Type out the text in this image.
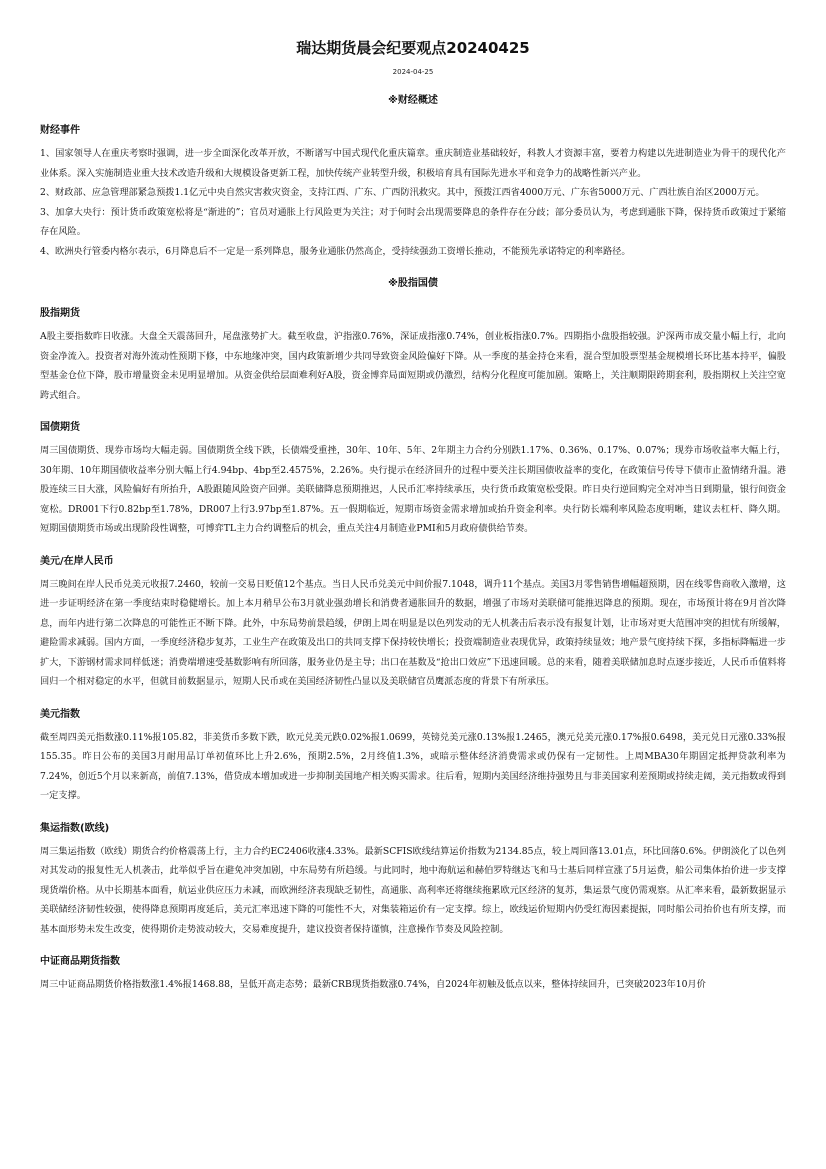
瑞达期货晨会纪要观点20240425
2024-04-25
※财经概述
财经事件

1、国家领导人在重庆考察时强调，进一步全面深化改革开放，不断谱写中国式现代化重庆篇章。重庆制造业基础较好，科教人才资源丰富，要着力构建以先进制造业为骨干的现代化产业体系。深入实施制造业重大技术改造升级和大规模设备更新工程，加快传统产业转型升级，积极培育具有国际先进水平和竞争力的战略性新兴产业。

2、财政部、应急管理部紧急预拨1.1亿元中央自然灾害救灾资金，支持江西、广东、广西防汛救灾。其中，预拨江西省4000万元、广东省5000万元、广西壮族自治区2000万元。

3、加拿大央行：预计货币政策宽松将是“渐进的”；官员对通胀上行风险更为关注；对于何时会出现需要降息的条件存在分歧；部分委员认为，考虑到通胀下降，保持货币政策过于紧缩存在风险。

4、欧洲央行管委内格尔表示，6月降息后不一定是一系列降息，服务业通胀仍然高企，受持续强劲工资增长推动，不能预先承诺特定的利率路径。

※股指国债
股指期货

A股主要指数昨日收涨。大盘全天震荡回升，尾盘涨势扩大。截至收盘，沪指涨0.76%，深证成指涨0.74%，创业板指涨0.7%。四期指小盘股指较强。沪深两市成交量小幅上行，北向资金净流入。投资者对海外流动性预期下修，中东地缘冲突，国内政策新增少共同导致资金风险偏好下降。从一季度的基金持仓来看，混合型加股票型基金规模增长环比基本持平，偏股型基金仓位下降，股市增量资金未见明显增加。从资金供给层面难利好A股，资金博弈局面短期或仍激烈，结构分化程度可能加剧。策略上，关注顺期限跨期套利，股指期权上关注空宽跨式组合。

国债期货

周三国债期货、现券市场均大幅走弱。国债期货全线下跌，长债端受重挫，30年、10年、5年、2年期主力合约分别跌1.17%、0.36%、0.17%、0.07%；现券市场收益率大幅上行，30年期、10年期国债收益率分别大幅上行4.94bp、4bp至2.4575%，2.26%。央行提示在经济回升的过程中要关注长期国债收益率的变化，在政策信号传导下债市止盈情绪升温。港股连续三日大涨，风险偏好有所抬升，A股跟随风险资产回弹。美联储降息预期推迟，人民币汇率持续承压，央行货币政策宽松受限。昨日央行逆回购完全对冲当日到期量，银行间资金宽松。DR001下行0.82bp至1.78%，DR007上行3.97bp至1.87%。五一假期临近，短期市场资金需求增加或抬升资金利率。央行防长端利率风险态度明晰，建议去杠杆、降久期。短期国债期货市场或出现阶段性调整，可博弈TL主力合约调整后的机会，重点关注4月制造业PMI和5月政府债供给节奏。

美元/在岸人民币

周三晚间在岸人民币兑美元收报7.2460，较前一交易日贬值12个基点。当日人民币兑美元中间价报7.1048，调升11个基点。美国3月零售销售增幅超预期，因在线零售商收入激增，这进一步证明经济在第一季度结束时稳健增长。加上本月稍早公布3月就业强劲增长和消费者通胀回升的数据，增强了市场对美联储可能推迟降息的预期。现在，市场预计将在9月首次降息，而年内进行第二次降息的可能性正不断下降。此外，中东局势前景趋缓，伊朗上周在明显是以色列发动的无人机袭击后表示没有报复计划，让市场对更大范围冲突的担忧有所缓解，避险需求减弱。国内方面，一季度经济稳步复苏，工业生产在政策及出口的共同支撑下保持较快增长；投资端制造业表现优异，政策持续显效；地产景气度持续下探，多指标降幅进一步扩大，下游钢材需求同样低迷；消费端增速受基数影响有所回落，服务业仍是主导；出口在基数及“抢出口效应”下迅速回暖。总的来看，随着美联储加息时点逐步接近，人民币币值料将回归一个相对稳定的水平，但就目前数据显示，短期人民币或在美国经济韧性凸显以及美联储官员鹰派态度的背景下有所承压。

美元指数

截至周四美元指数涨0.11%报105.82，非美货币多数下跌，欧元兑美元跌0.02%报1.0699，英镑兑美元涨0.13%报1.2465，澳元兑美元涨0.17%报0.6498，美元兑日元涨0.33%报155.35。昨日公布的美国3月耐用品订单初值环比上升2.6%，预期2.5%，2月终值1.3%，或暗示整体经济消费需求或仍保有一定韧性。上周MBA30年期固定抵押贷款利率为7.24%，创近5个月以来新高，前值7.13%，借贷成本增加或进一步抑制美国地产相关购买需求。往后看，短期内美国经济维持强势且与非美国家利差预期或持续走阔，美元指数或得到一定支撑。

集运指数(欧线)

周三集运指数（欧线）期货合约价格震荡上行，主力合约EC2406收涨4.33%。最新SCFIS欧线结算运价指数为2134.85点，较上周回落13.01点，环比回落0.6%。伊朗淡化了以色列对其发动的报复性无人机袭击，此举似乎旨在避免冲突加剧，中东局势有所趋缓。与此同时，地中海航运和赫伯罗特继达飞和马士基后同样宣涨了5月运费，船公司集体抬价进一步支撑现货端价格。从中长期基本面看，航运业供应压力未减，而欧洲经济表现缺乏韧性，高通胀、高利率还将继续拖累欧元区经济的复苏，集运景气度仍需观察。从汇率来看，最新数据显示美联储经济韧性较强，使得降息预期再度延后，美元汇率迅速下降的可能性不大，对集装箱运价有一定支撑。综上，欧线运价短期内仍受红海因素提振，同时船公司抬价也有所支撑，而基本面形势未发生改变，使得期价走势波动较大，交易难度提升，建议投资者保持谨慎，注意操作节奏及风险控制。

中证商品期货指数

周三中证商品期货价格指数涨1.4%报1468.88，呈低开高走态势；最新CRB现货指数涨0.74%，自2024年初触及低点以来，整体持续回升，已突破2023年10月价
